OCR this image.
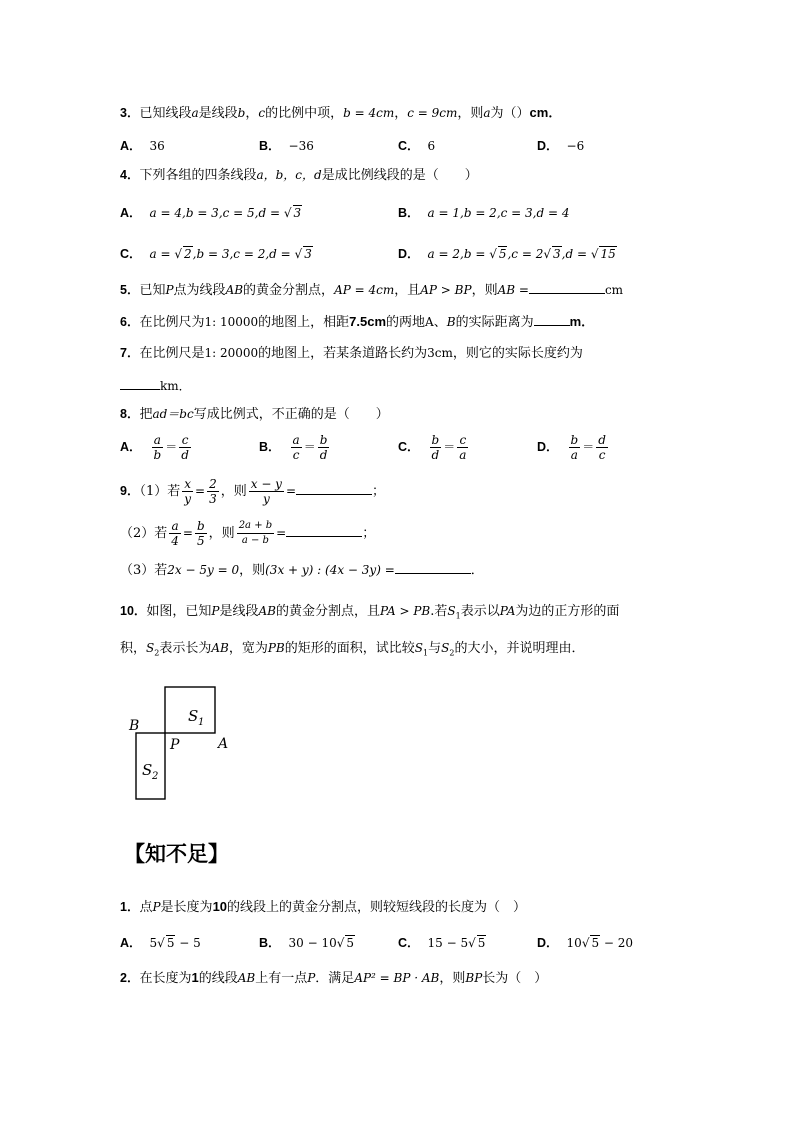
3．已知线段a是线段b，c的比例中项，b = 4cm，c = 9cm，则a为（）cm．
A． 36	B． −36	C． 6	D． −6
4．下列各组的四条线段a，b，c，d是成比例线段的是（　　）
A． a = 4,b = 3,c = 5,d = √ 3	B． a = 1,b = 2,c = 3,d = 4
C． a = √ 2,b = 3,c = 2,d = √ 3	D． a = 2,b = √ 5,c = 2√ 3,d = √ 15
5．已知P点为线段AB的黄金分割点，AP = 4cm，且AP > BP，则AB =	cm
6．在比例尺为1: 10000的地图上，相距7.5cm的两地A、B的实际距离为	m．
7．在比例尺是1: 20000的地图上，若某条道路长约为3cm，则它的实际长度约为
km．
8．把ad＝bc写成比例式，不正确的是（　　）
A． $\frac{a}{b} = \frac{c}{d}$	B． $\frac{a}{c} = \frac{b}{d}$	C． $\frac{b}{d} = \frac{c}{a}$	D． $\frac{b}{a} = \frac{d}{c}$
9．（1）若 $\frac{x}{y} = \frac{2}{3}$ ，则 $\frac{x - y}{y}$ =	；
（2）若 $\frac{a}{4} = \frac{b}{5}$ ，则 $\frac{2a + b}{a - b}$ =	；
（3）若2x − 5y = 0，则(3x + y) : (4x − 3y) =	．
10．如图，已知P是线段AB的黄金分割点，且PA > PB.若$S_1$表示以PA为边的正方形的面
积，$S_2$表示长为AB，宽为PB的矩形的面积，试比较$S_1$与$S_2$的大小，并说明理由．
B
P	A
S 1
S 2
【知不足】
1．点P是长度为10的线段上的黄金分割点，则较短线段的长度为（　）
A． 5√ 5 − 5	B． 30 − 10√ 5	C． 15 − 5√ 5	D． 10√ 5 − 20
2．在长度为1的线段AB上有一点P．满足AP² = BP · AB，则BP长为（　）
